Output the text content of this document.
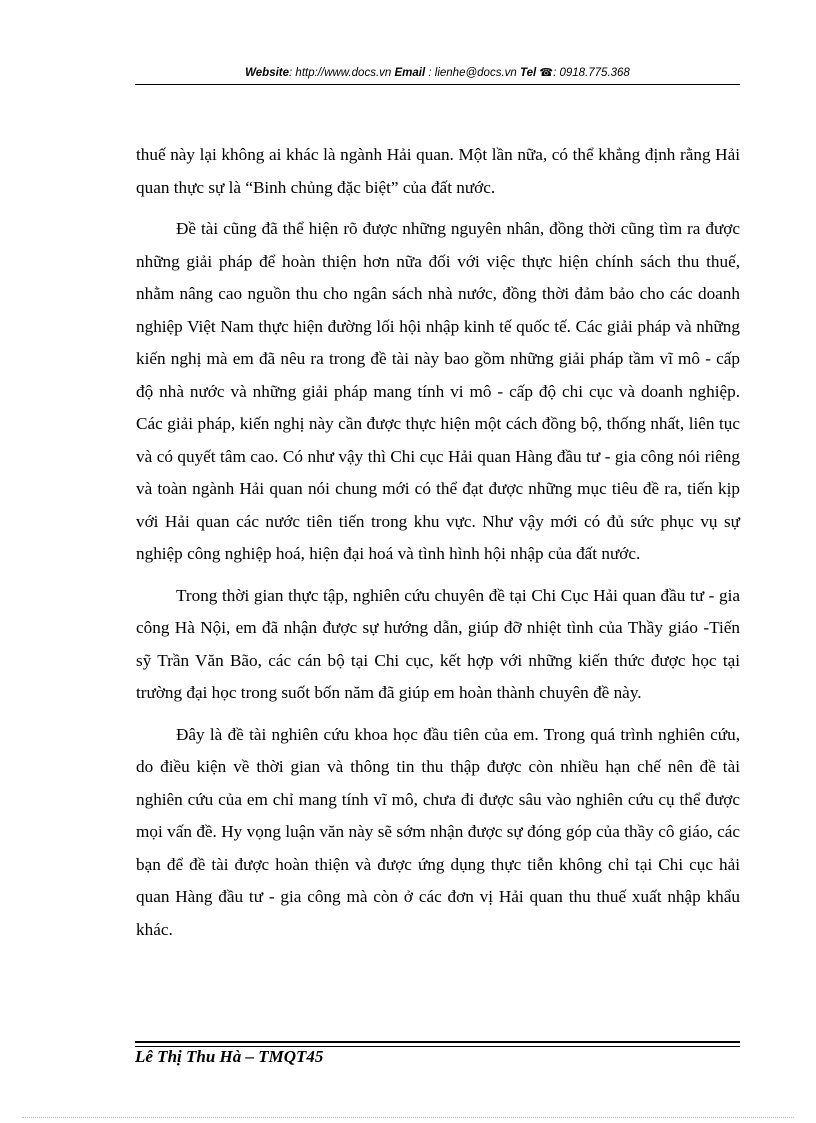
Website: http://www.docs.vn Email : lienhe@docs.vn Tel ☎: 0918.775.368

thuế này lại không ai khác là ngành Hải quan. Một lần nữa, có thể khẳng định rằng Hải quan thực sự là “Binh chủng đặc biệt” của đất nước.

Đề tài cũng đã thể hiện rõ được những nguyên nhân, đồng thời cũng tìm ra được những giải pháp để hoàn thiện hơn nữa đối với việc thực hiện chính sách thu thuế, nhằm nâng cao nguồn thu cho ngân sách nhà nước, đồng thời đảm bảo cho các doanh nghiệp Việt Nam thực hiện đường lối hội nhập kinh tế quốc tế. Các giải pháp và những kiến nghị mà em đã nêu ra trong đề tài này bao gồm những giải pháp tầm vĩ mô - cấp độ nhà nước và những giải pháp mang tính vi mô - cấp độ chi cục và doanh nghiệp. Các giải pháp, kiến nghị này cần được thực hiện một cách đồng bộ, thống nhất, liên tục và có quyết tâm cao. Có như vậy thì Chi cục Hải quan Hàng đầu tư - gia công nói riêng và toàn ngành Hải quan nói chung mới có thể đạt được những mục tiêu đề ra, tiến kịp với Hải quan các nước tiên tiến trong khu vực. Như vậy mới có đủ sức phục vụ sự nghiệp công nghiệp hoá, hiện đại hoá và tình hình hội nhập của đất nước.

Trong thời gian thực tập, nghiên cứu chuyên đề tại Chi Cục Hải quan đầu tư - gia công Hà Nội, em đã nhận được sự hướng dẫn, giúp đỡ nhiệt tình của Thầy giáo -Tiến sỹ Trần Văn Bão, các cán bộ tại Chi cục, kết hợp với những kiến thức được học tại trường đại học trong suốt bốn năm đã giúp em hoàn thành chuyên đề này.

Đây là đề tài nghiên cứu khoa học đầu tiên của em. Trong quá trình nghiên cứu, do điều kiện về thời gian và thông tin thu thập được còn nhiều hạn chế nên đề tài nghiên cứu của em chỉ mang tính vĩ mô, chưa đi được sâu vào nghiên cứu cụ thể được mọi vấn đề. Hy vọng luận văn này sẽ sớm nhận được sự đóng góp của thầy cô giáo, các bạn để đề tài được hoàn thiện và được ứng dụng thực tiễn không chỉ tại Chi cục hải quan Hàng đầu tư - gia công mà còn ở các đơn vị Hải quan thu thuế xuất nhập khẩu khác.

Lê Thị Thu Hà – TMQT45
